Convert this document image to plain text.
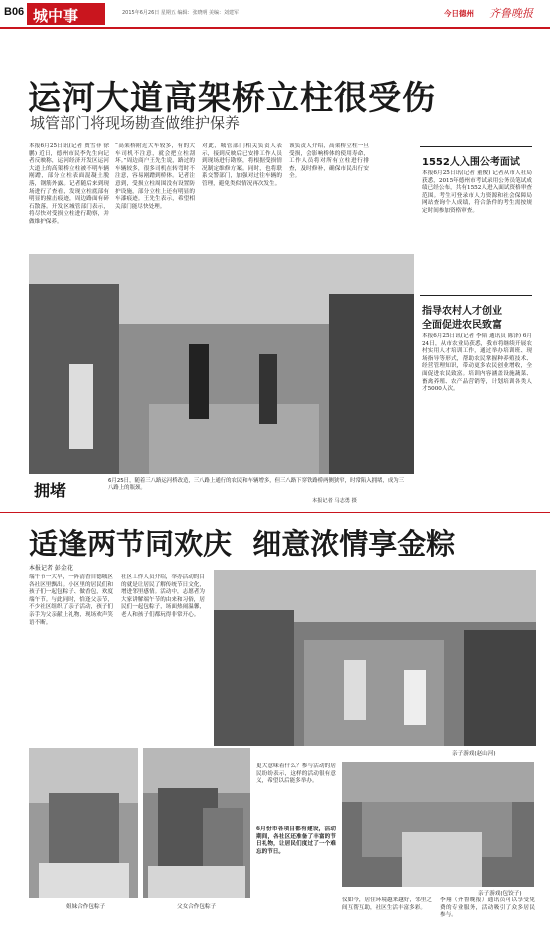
B06 城中事	2015年6月26日 星期五 编辑：张晓明 美编：刘建军	今日德州 齐鲁晚报
运河大道高架桥立柱很受伤
城管部门将现场勘查做维护保养
本报6月25日讯(记者 贾雪菲 徐鹏) 近日，德州市民李先生向记者反映称，运河经济开发区运河大道上的高架桥立柱被不明车辆剐蹭，部分立柱表面混凝土脱落，钢筋外露。记者随后来到现场进行了查看，发现立柱底部有明显的撞击痕迹，周边路面有碎石散落。开发区城管部门表示，将尽快对受损立柱进行勘察，并做维护保养。
“高架桥附近大车较多，有的大车司机不注意，就会把立柱刮坏。”周边商户王先生说，路过的车辆较多，很多司机在转弯时不注意，容易剐蹭到桥体。记者注意到，受损立柱周围没有设置防护设施，部分立柱上还有明显的车漆痕迹。王先生表示，希望相关部门能尽快处理。
对此，城管部门相关负责人表示，接到反映后已安排工作人员到现场进行勘察，将根据受损情况制定维修方案。同时，也将联系交警部门，加强对过往车辆的管理，避免类似情况再次发生。
该负责人介绍，高架桥立柱一旦受损，会影响桥体的使用寿命，工作人员将对所有立柱进行排查，及时修补，确保市民出行安全。
拥堵	6月25日，随着三八路运河桥改造，三八路上通行的农民和车辆增多，但三八路下穿铁路桥两侧狭窄，时常陷入拥堵，成为三八路上的瓶颈。
本报记者 马志勇 摄
1552人入围公考面试
本报6月25日讯(记者 董俊) 记者从市人社局获悉，2015年德州市考试录用公务员笔试成绩已经公布，共有1552人进入面试资格审查范围。考生可登录市人力资源和社会保障局网站查询个人成绩，符合条件的考生需按规定时间参加资格审查。
指导农村人才创业
全面促进农民致富
本报6月25日讯(记者 李韬 通讯员 陈泽) 6月24日，从市农业局获悉，我市将继续开展农村实用人才培训工作，通过举办培训班、现场指导等形式，帮助农民掌握种养殖技术、经营管理知识，带动更多农民创业增收，全面促进农民致富。培训内容涵盖设施蔬菜、畜禽养殖、农产品营销等，计划培训各类人才5000人次。
适逢两节同欢庆  细意浓情享金粽
本报记者 彭金花
端午节一大早，一阵清香自德城区各社区里飘出。小区里的居民们和孩子们一起包粽子、做香包，欢度端午节。与此同时，恰逢父亲节，不少社区组织了亲子活动，孩子们亲手为父亲献上礼物，现场欢声笑语不断。
社区工作人员介绍，举办活动的目的就是让居民了解传统节日文化，增进邻里感情。活动中，志愿者为大家讲解端午节的由来和习俗，居民们一起包粽子，场面热闹温馨，老人和孩子们都玩得非常开心。
亲子游戏(赵山河)
姐妹合作包粽子	父女合作包粽子
更大意味着什么？参与活动的居民纷纷表示，这样的活动很有意义，希望以后能多举办。
6月份市各项目都有建设，活动期间，各社区还准备了丰富的节日礼物，让居民们度过了一个难忘的节日。
亲子游戏(包饺子)
仪如今，居住环境越来越好，邻里之间互帮互助，社区生活丰富多彩。
李翔（齐鲁晚报）通讯员可以享受免费的专业服务，活动吸引了众多居民参与。
